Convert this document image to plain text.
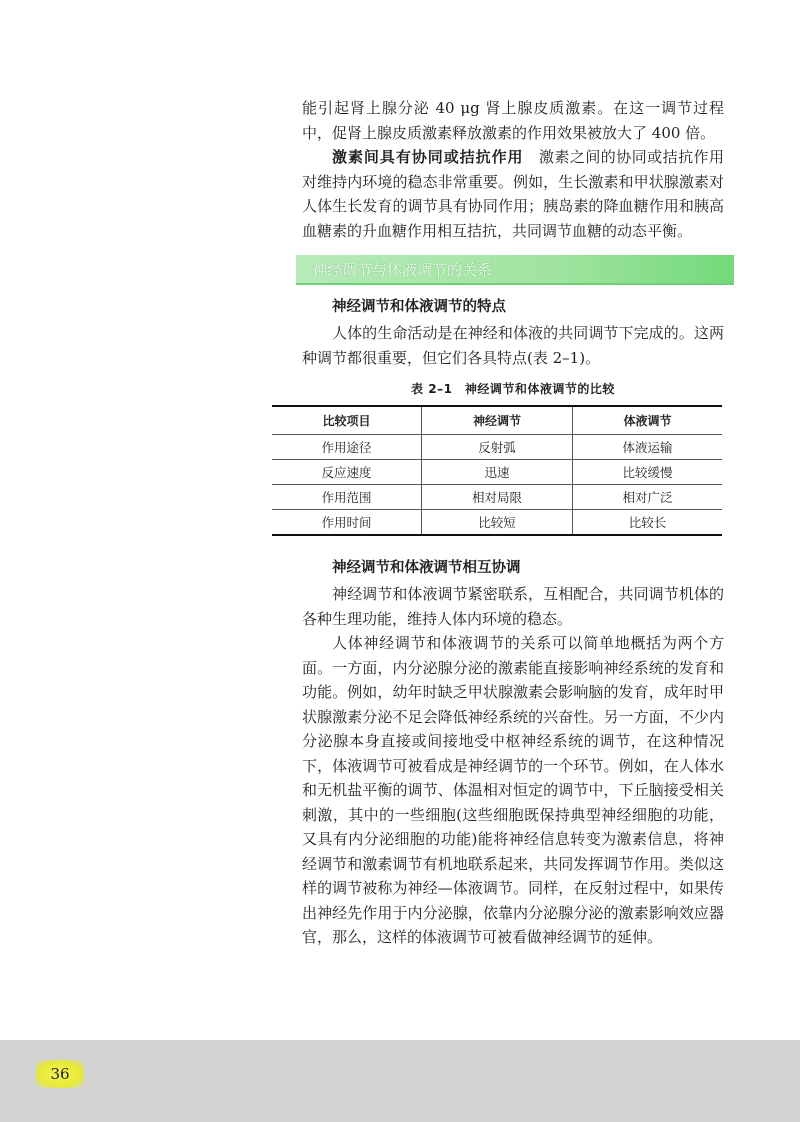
能引起肾上腺分泌 40 μg 肾上腺皮质激素。在这一调节过程中，促肾上腺皮质激素释放激素的作用效果被放大了 400 倍。

激素间具有协同或拮抗作用　激素之间的协同或拮抗作用对维持内环境的稳态非常重要。例如，生长激素和甲状腺激素对人体生长发育的调节具有协同作用；胰岛素的降血糖作用和胰高血糖素的升血糖作用相互拮抗，共同调节血糖的动态平衡。

神经调节与体液调节的关系
神经调节和体液调节的特点

人体的生命活动是在神经和体液的共同调节下完成的。这两种调节都很重要，但它们各具特点(表 2–1)。

表 2–1　神经调节和体液调节的比较
比较项目	神经调节	体液调节
作用途径	反射弧	体液运输
反应速度	迅速	比较缓慢
作用范围	相对局限	相对广泛
作用时间	比较短	比较长
神经调节和体液调节相互协调

神经调节和体液调节紧密联系，互相配合，共同调节机体的各种生理功能，维持人体内环境的稳态。

人体神经调节和体液调节的关系可以简单地概括为两个方面。一方面，内分泌腺分泌的激素能直接影响神经系统的发育和功能。例如，幼年时缺乏甲状腺激素会影响脑的发育，成年时甲状腺激素分泌不足会降低神经系统的兴奋性。另一方面，不少内分泌腺本身直接或间接地受中枢神经系统的调节，在这种情况下，体液调节可被看成是神经调节的一个环节。例如，在人体水和无机盐平衡的调节、体温相对恒定的调节中，下丘脑接受相关刺激，其中的一些细胞(这些细胞既保持典型神经细胞的功能，又具有内分泌细胞的功能)能将神经信息转变为激素信息，将神经调节和激素调节有机地联系起来，共同发挥调节作用。类似这样的调节被称为神经—体液调节。同样，在反射过程中，如果传出神经先作用于内分泌腺，依靠内分泌腺分泌的激素影响效应器官，那么，这样的体液调节可被看做神经调节的延伸。

36
